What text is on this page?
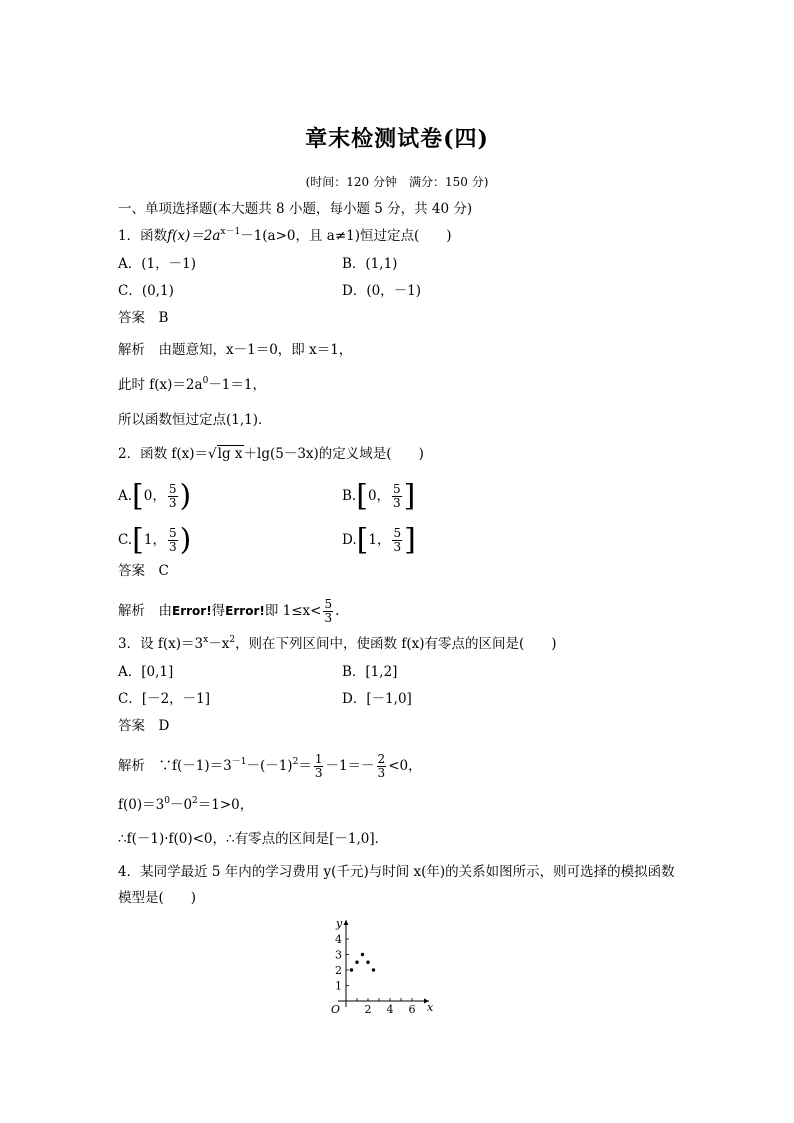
章末检测试卷(四)
(时间：120 分钟　满分：150 分)
一、单项选择题(本大题共 8 小题，每小题 5 分，共 40 分)
1．函数$f(x)=2a^{x-1}-1(a>0$，且 a≠1)恒过定点(　　)
A．(1，－1)	B．(1,1)
C．(0,1)	D．(0，－1)
答案　B
解析　由题意知，x－1＝0，即 x＝1，
此时 $f(x)=2a^0-1=1$，
所以函数恒过定点(1,1)．
2．函数 f(x)＝√lg x＋lg(5－3x)的定义域是(　　)
A.[0， $\frac{5}{3}$ )	B.[0， $\frac{5}{3}$ ]
C.[1， $\frac{5}{3}$ )	D.[1， $\frac{5}{3}$ ]
答案　C
解析　由Error!得Error!即 $1\le x< \frac{5}{3}$ .
3．设 $f(x)=3^x-x^2$，则在下列区间中，使函数 f(x)有零点的区间是(　　)
A．[0,1]	B．[1,2]
C．[－2，－1]	D．[－1,0]
答案　D
解析　$\because f(-1)=3^{-1}-(-1)^2= \frac{1}{3} -1=- \frac{2}{3} <0$，
$f(0)=3^0-0^2=1>0$，
∴f(－1)·f(0)<0，∴有零点的区间是[－1,0]．
4．某同学最近 5 年内的学习费用 y(千元)与时间 x(年)的关系如图所示，则可选择的模拟函数
模型是(　　)
2 4 6
1
2
3
4
O	x
y
